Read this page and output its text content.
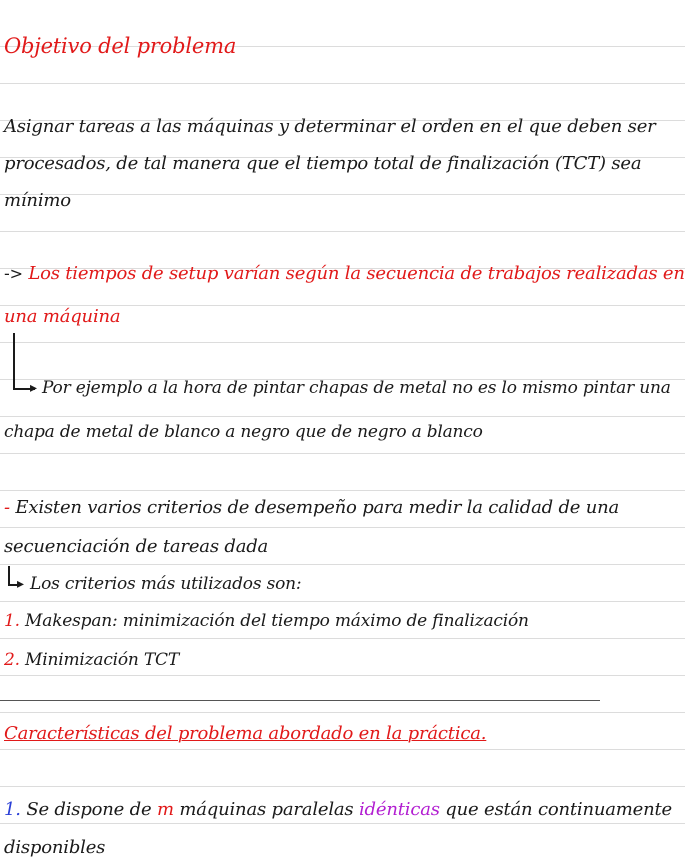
Objetivo del problema
Asignar tareas a las máquinas y determinar el orden en el que deben ser
procesados, de tal manera que el tiempo total de finalización (TCT) sea
mínimo
-> Los tiempos de setup varían según la secuencia de trabajos realizadas en
una máquina
▸ Por ejemplo a la hora de pintar chapas de metal no es lo mismo pintar una
chapa de metal de blanco a negro que de negro a blanco
- Existen varios criterios de desempeño para medir la calidad de una
secuenciación de tareas dada
▸ Los criterios más utilizados son:
1. Makespan: minimización del tiempo máximo de finalización
2. Minimización TCT
Características del problema abordado en la práctica.
1. Se dispone de m máquinas paralelas idénticas que están continuamente
disponibles
